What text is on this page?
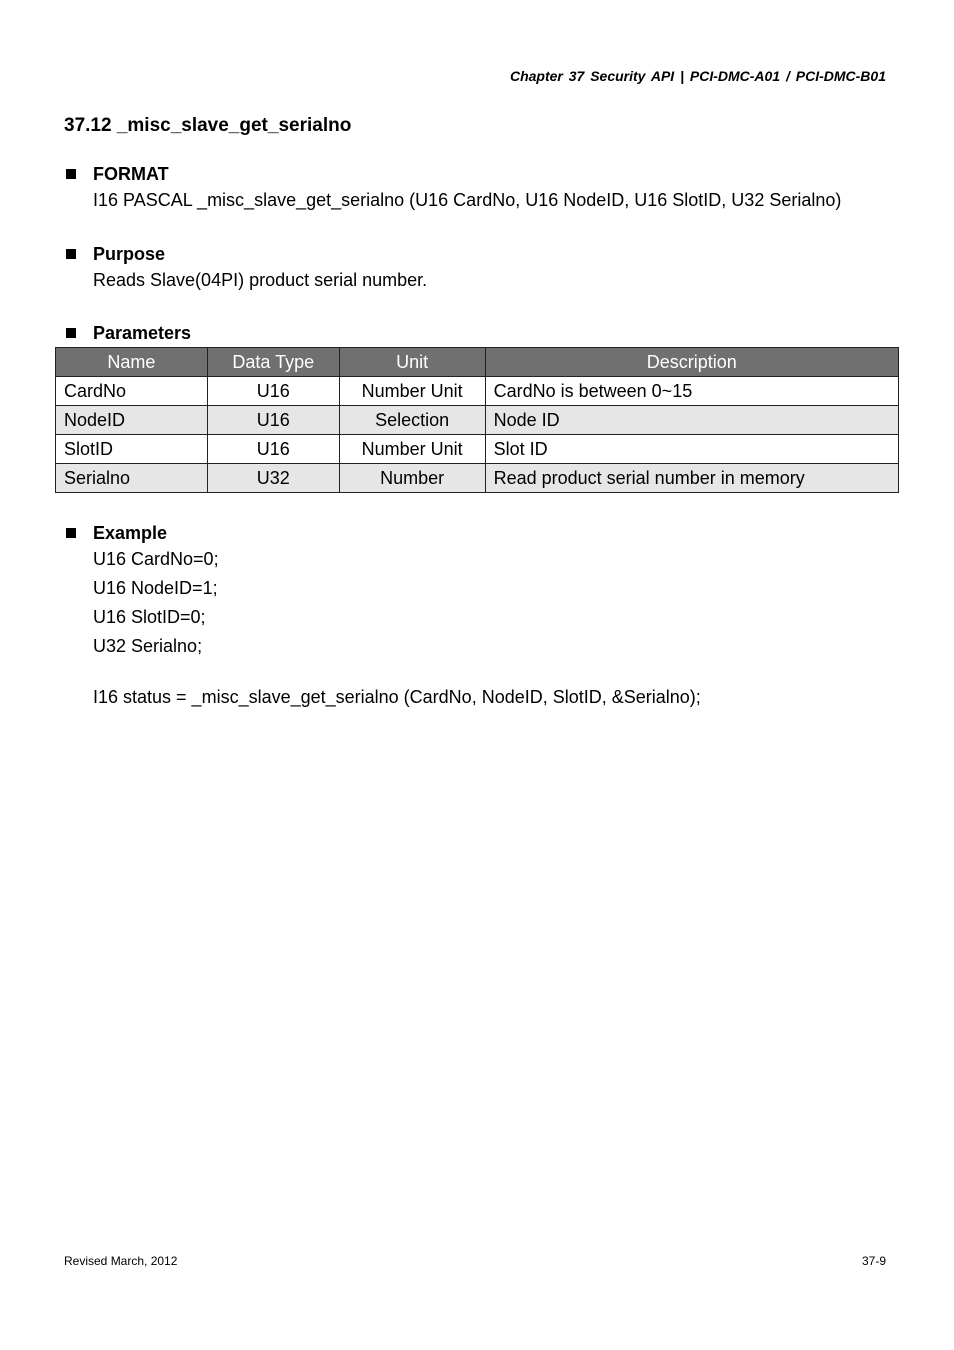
Chapter 37 Security API | PCI-DMC-A01 / PCI-DMC-B01
37.12 _misc_slave_get_serialno
FORMAT
I16 PASCAL _misc_slave_get_serialno (U16 CardNo, U16 NodeID, U16 SlotID, U32 Serialno)
Purpose
Reads Slave(04PI) product serial number.
Parameters
Name	Data Type	Unit	Description
CardNo	U16	Number Unit	CardNo is between 0~15
NodeID	U16	Selection	Node ID
SlotID	U16	Number Unit	Slot ID
Serialno	U32	Number	Read product serial number in memory
Example
U16 CardNo=0;
U16 NodeID=1;
U16 SlotID=0;
U32 Serialno;
I16 status = _misc_slave_get_serialno (CardNo, NodeID, SlotID, &Serialno);
Revised March, 2012	37-9
